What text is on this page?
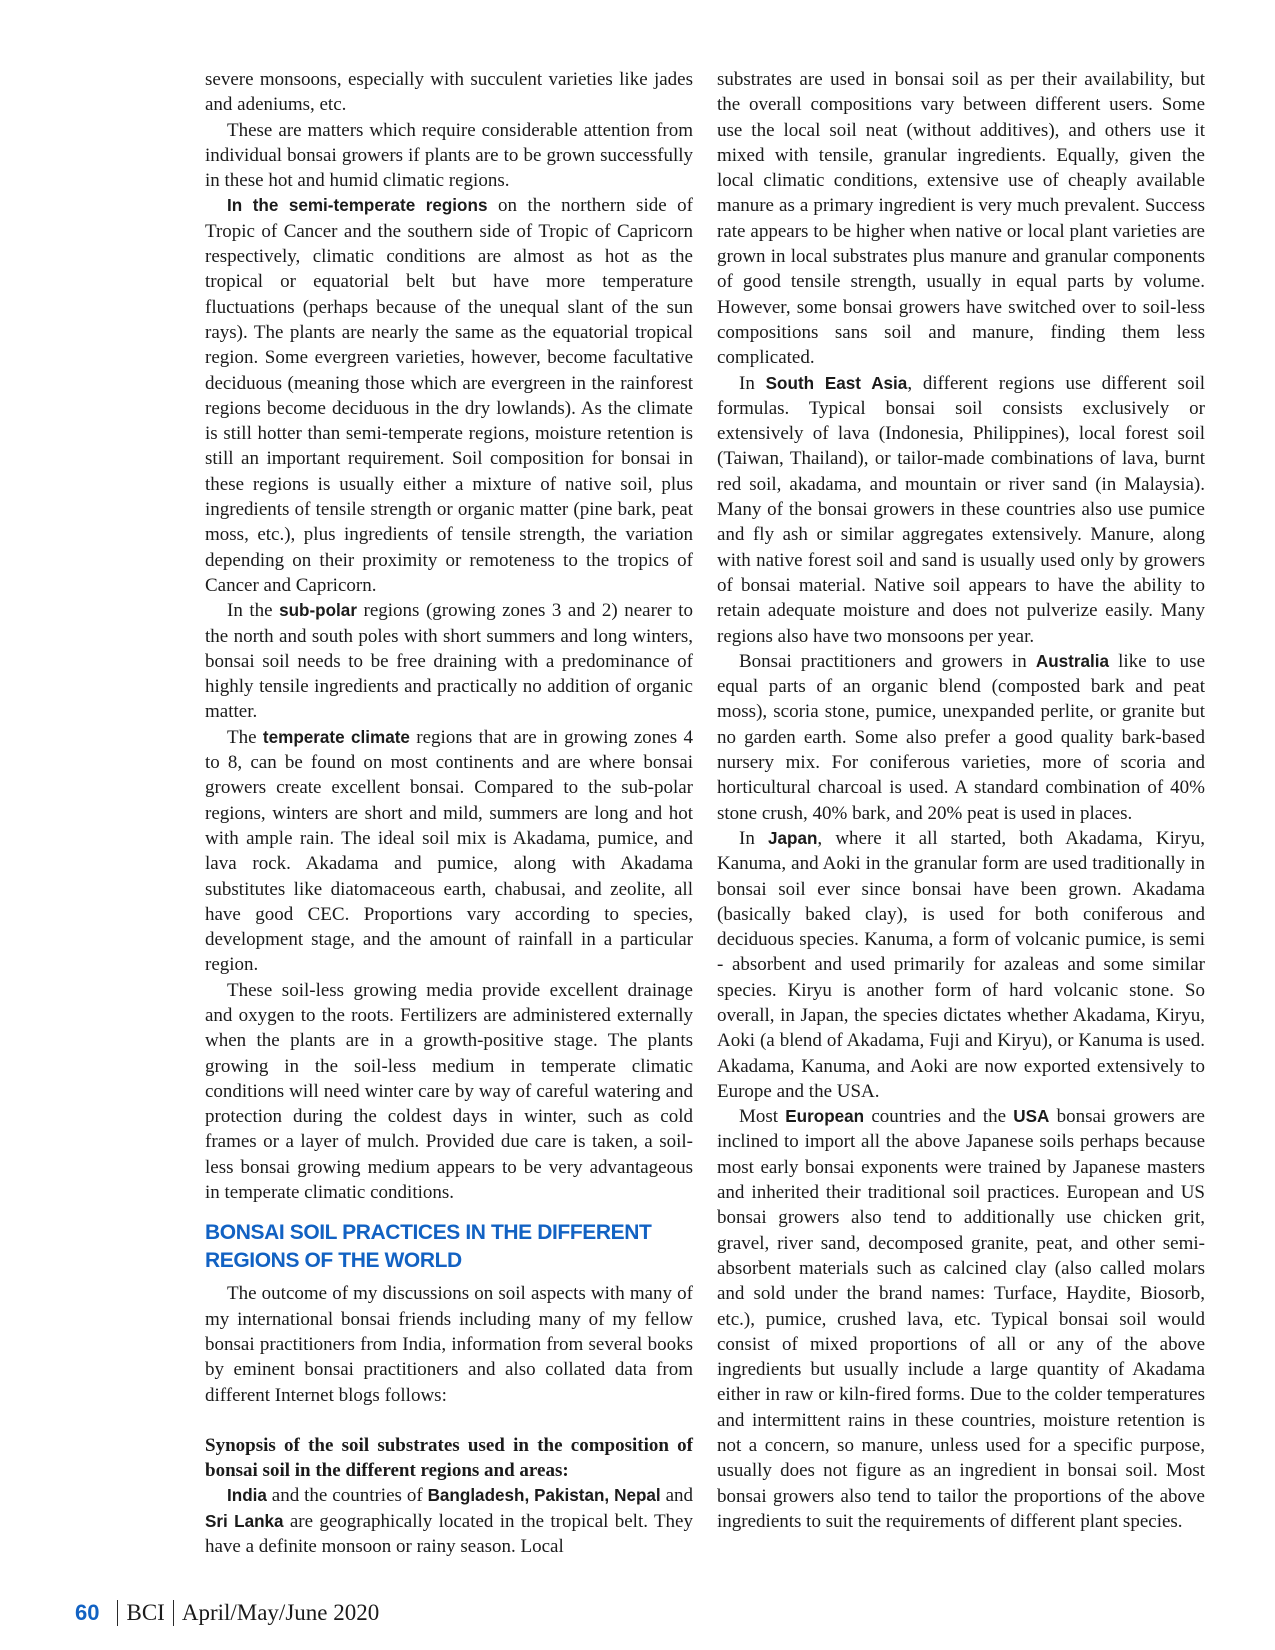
severe monsoons, especially with succulent varieties like jades and adeniums, etc.

These are matters which require considerable attention from individual bonsai growers if plants are to be grown successfully in these hot and humid climatic regions.

In the semi-temperate regions on the northern side of Tropic of Cancer and the southern side of Tropic of Capricorn respectively, climatic conditions are almost as hot as the tropical or equatorial belt but have more temperature fluctuations (perhaps because of the unequal slant of the sun rays). The plants are nearly the same as the equatorial tropical region. Some evergreen varieties, however, become facultative deciduous (meaning those which are evergreen in the rainforest regions become deciduous in the dry lowlands). As the climate is still hotter than semi-temperate regions, moisture retention is still an important requirement. Soil composition for bonsai in these regions is usually either a mixture of native soil, plus ingredients of tensile strength or organic matter (pine bark, peat moss, etc.), plus ingredients of tensile strength, the variation depending on their proximity or remoteness to the tropics of Cancer and Capricorn.

In the sub-polar regions (growing zones 3 and 2) nearer to the north and south poles with short summers and long winters, bonsai soil needs to be free draining with a predominance of highly tensile ingredients and practically no addition of organic matter.

The temperate climate regions that are in growing zones 4 to 8, can be found on most continents and are where bonsai growers create excellent bonsai. Compared to the sub-polar regions, winters are short and mild, summers are long and hot with ample rain. The ideal soil mix is Akadama, pumice, and lava rock. Akadama and pumice, along with Akadama substitutes like diatomaceous earth, chabusai, and zeolite, all have good CEC. Proportions vary according to species, development stage, and the amount of rainfall in a particular region.

These soil-less growing media provide excellent drainage and oxygen to the roots. Fertilizers are administered externally when the plants are in a growth-positive stage. The plants growing in the soil-less medium in temperate climatic conditions will need winter care by way of careful watering and protection during the coldest days in winter, such as cold frames or a layer of mulch. Provided due care is taken, a soil-less bonsai growing medium appears to be very advantageous in temperate climatic conditions.

BONSAI SOIL PRACTICES IN THE DIFFERENT REGIONS OF THE WORLD

The outcome of my discussions on soil aspects with many of my international bonsai friends including many of my fellow bonsai practitioners from India, information from several books by eminent bonsai practitioners and also collated data from different Internet blogs follows:

Synopsis of the soil substrates used in the composition of bonsai soil in the different regions and areas:

India and the countries of Bangladesh, Pakistan, Nepal and Sri Lanka are geographically located in the tropical belt. They have a definite monsoon or rainy season. Local

substrates are used in bonsai soil as per their availability, but the overall compositions vary between different users. Some use the local soil neat (without additives), and others use it mixed with tensile, granular ingredients. Equally, given the local climatic conditions, extensive use of cheaply available manure as a primary ingredient is very much prevalent. Success rate appears to be higher when native or local plant varieties are grown in local substrates plus manure and granular components of good tensile strength, usually in equal parts by volume. However, some bonsai growers have switched over to soil-less compositions sans soil and manure, finding them less complicated.

In South East Asia, different regions use different soil formulas. Typical bonsai soil consists exclusively or extensively of lava (Indonesia, Philippines), local forest soil (Taiwan, Thailand), or tailor-made combinations of lava, burnt red soil, akadama, and mountain or river sand (in Malaysia). Many of the bonsai growers in these countries also use pumice and fly ash or similar aggregates extensively. Manure, along with native forest soil and sand is usually used only by growers of bonsai material. Native soil appears to have the ability to retain adequate moisture and does not pulverize easily. Many regions also have two monsoons per year.

Bonsai practitioners and growers in Australia like to use equal parts of an organic blend (composted bark and peat moss), scoria stone, pumice, unexpanded perlite, or granite but no garden earth. Some also prefer a good quality bark-based nursery mix. For coniferous varieties, more of scoria and horticultural charcoal is used. A standard combination of 40% stone crush, 40% bark, and 20% peat is used in places.

In Japan, where it all started, both Akadama, Kiryu, Kanuma, and Aoki in the granular form are used traditionally in bonsai soil ever since bonsai have been grown. Akadama (basically baked clay), is used for both coniferous and deciduous species. Kanuma, a form of volcanic pumice, is semi - absorbent and used primarily for azaleas and some similar species. Kiryu is another form of hard volcanic stone. So overall, in Japan, the species dictates whether Akadama, Kiryu, Aoki (a blend of Akadama, Fuji and Kiryu), or Kanuma is used. Akadama, Kanuma, and Aoki are now exported extensively to Europe and the USA.

Most European countries and the USA bonsai growers are inclined to import all the above Japanese soils perhaps because most early bonsai exponents were trained by Japanese masters and inherited their traditional soil practices. European and US bonsai growers also tend to additionally use chicken grit, gravel, river sand, decomposed granite, peat, and other semi-absorbent materials such as calcined clay (also called molars and sold under the brand names: Turface, Haydite, Biosorb, etc.), pumice, crushed lava, etc. Typical bonsai soil would consist of mixed proportions of all or any of the above ingredients but usually include a large quantity of Akadama either in raw or kiln-fired forms. Due to the colder temperatures and intermittent rains in these countries, moisture retention is not a concern, so manure, unless used for a specific purpose, usually does not figure as an ingredient in bonsai soil. Most bonsai growers also tend to tailor the proportions of the above ingredients to suit the requirements of different plant species.

60	BCI April/May/June 2020
